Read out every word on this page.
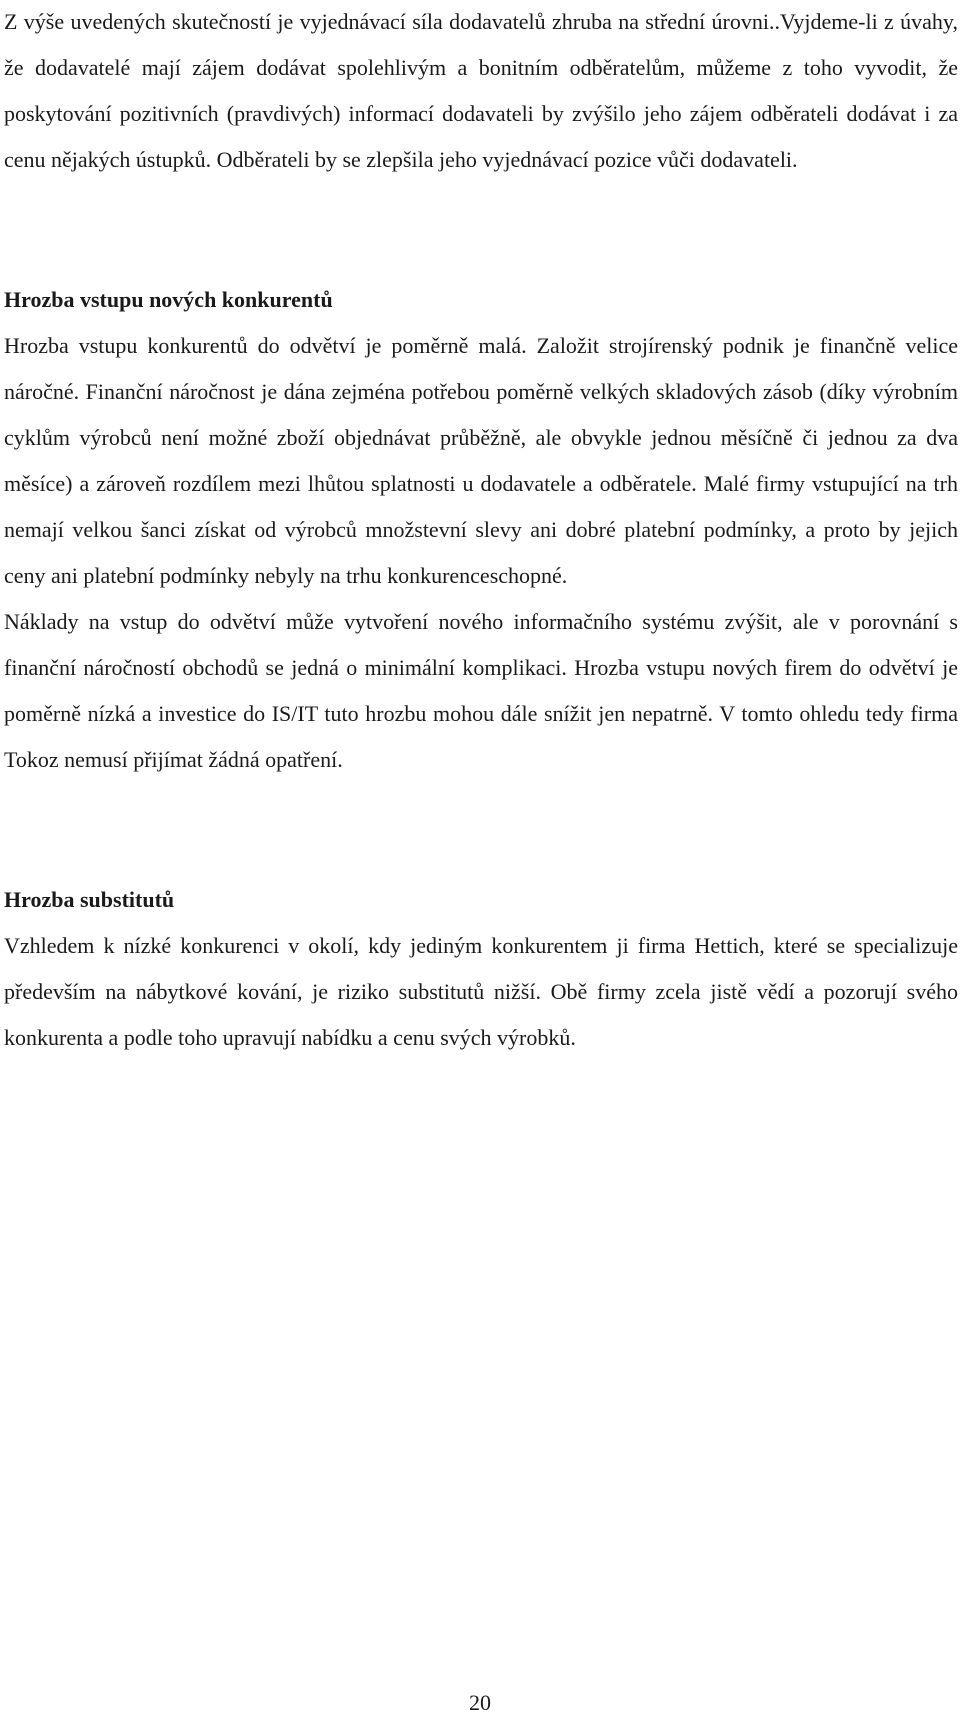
Z výše uvedených skutečností je vyjednávací síla dodavatelů zhruba na střední úrovni..Vyjdeme-li z úvahy, že dodavatelé mají zájem dodávat spolehlivým a bonitním odběratelům, můžeme z toho vyvodit, že poskytování pozitivních (pravdivých) informací dodavateli by zvýšilo jeho zájem odběrateli dodávat i za cenu nějakých ústupků. Odběrateli by se zlepšila jeho vyjednávací pozice vůči dodavateli.

Hrozba vstupu nových konkurentů

Hrozba vstupu konkurentů do odvětví je poměrně malá. Založit strojírenský podnik je finančně velice náročné. Finanční náročnost je dána zejména potřebou poměrně velkých skladových zásob (díky výrobním cyklům výrobců není možné zboží objednávat průběžně, ale obvykle jednou měsíčně či jednou za dva měsíce) a zároveň rozdílem mezi lhůtou splatnosti u dodavatele a odběratele. Malé firmy vstupující na trh nemají velkou šanci získat od výrobců množstevní slevy ani dobré platební podmínky, a proto by jejich ceny ani platební podmínky nebyly na trhu konkurenceschopné.

Náklady na vstup do odvětví může vytvoření nového informačního systému zvýšit, ale v porovnání s finanční náročností obchodů se jedná o minimální komplikaci. Hrozba vstupu nových firem do odvětví je poměrně nízká a investice do IS/IT tuto hrozbu mohou dále snížit jen nepatrně. V tomto ohledu tedy firma Tokoz nemusí přijímat žádná opatření.

Hrozba substitutů

Vzhledem k nízké konkurenci v okolí, kdy jediným konkurentem ji firma Hettich, které se specializuje především na nábytkové kování, je riziko substitutů nižší. Obě firmy zcela jistě vědí a pozorují svého konkurenta a podle toho upravují nabídku a cenu svých výrobků.

20
